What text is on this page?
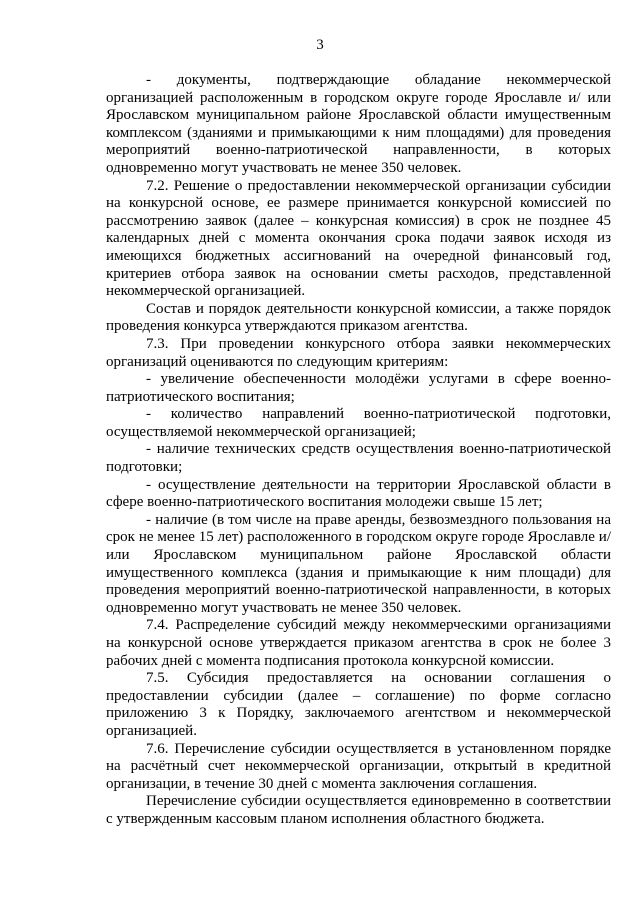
3

- документы, подтверждающие обладание некоммерческой организацией расположенным в городском округе городе Ярославле и/ или Ярославском муниципальном районе Ярославской области имущественным комплексом (зданиями и примыкающими к ним площадями) для проведения мероприятий военно-патриотической направленности, в которых одновременно могут участвовать не менее 350 человек.

7.2. Решение о предоставлении некоммерческой организации субсидии на конкурсной основе, ее размере принимается конкурсной комиссией по рассмотрению заявок (далее – конкурсная комиссия) в срок не позднее 45 календарных дней с момента окончания срока подачи заявок исходя из имеющихся бюджетных ассигнований на очередной финансовый год, критериев отбора заявок на основании сметы расходов, представленной некоммерческой организацией.

Состав и порядок деятельности конкурсной комиссии, а также порядок проведения конкурса утверждаются приказом агентства.

7.3. При проведении конкурсного отбора заявки некоммерческих организаций оцениваются по следующим критериям:

- увеличение обеспеченности молодёжи услугами в сфере военно-патриотического воспитания;

- количество направлений военно-патриотической подготовки, осуществляемой некоммерческой организацией;

- наличие технических средств осуществления военно-патриотической подготовки;

- осуществление деятельности на территории Ярославской области в сфере военно-патриотического воспитания молодежи свыше 15 лет;

- наличие (в том числе на праве аренды, безвозмездного пользования на срок не менее 15 лет) расположенного в городском округе городе Ярославле и/ или Ярославском муниципальном районе Ярославской области имущественного комплекса (здания и примыкающие к ним площади) для проведения мероприятий военно-патриотической направленности, в которых одновременно могут участвовать не менее 350 человек.

7.4. Распределение субсидий между некоммерческими организациями на конкурсной основе утверждается приказом агентства в срок не более 3 рабочих дней с момента подписания протокола конкурсной комиссии.

7.5. Субсидия предоставляется на основании соглашения о предоставлении субсидии (далее – соглашение) по форме согласно приложению 3 к Порядку, заключаемого агентством и некоммерческой организацией.

7.6. Перечисление субсидии осуществляется в установленном порядке на расчётный счет некоммерческой организации, открытый в кредитной организации, в течение 30 дней с момента заключения соглашения.

Перечисление субсидии осуществляется единовременно в соответствии с утвержденным кассовым планом исполнения областного бюджета.
